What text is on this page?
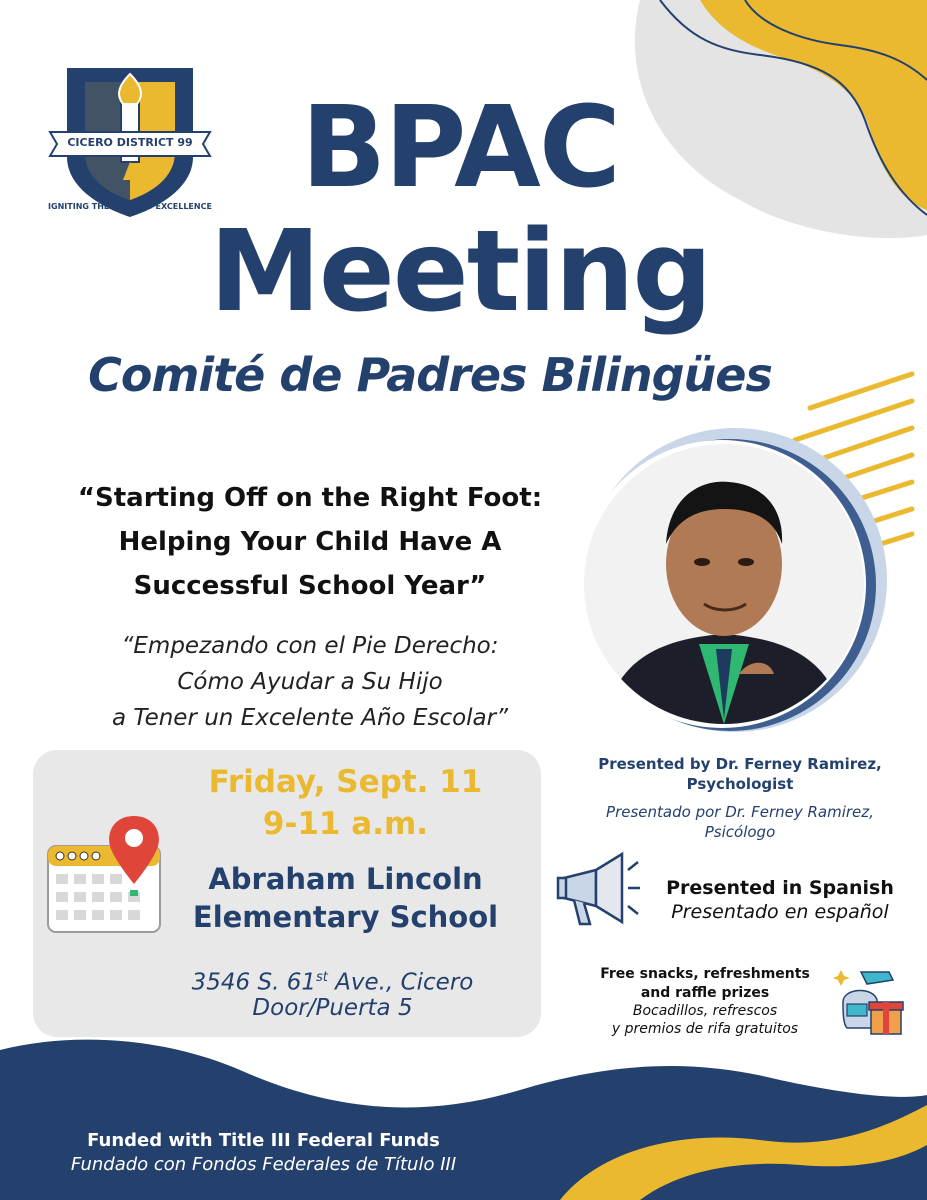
CICERO DISTRICT 99
IGNITING THE ROAD TO EXCELLENCE BPAC
Meeting
Comité de Padres Bilingües
“Starting Off on the Right Foot:
Helping Your Child Have A
Successful School Year”
“Empezando con el Pie Derecho:
Cómo Ayudar a Su Hijo
a Tener un Excelente Año Escolar”
Friday, Sept. 11
9-11 a.m.
Abraham Lincoln
Elementary School
3546 S. 61st Ave., Cicero
Door/Puerta 5
Presented by Dr. Ferney Ramirez,
Psychologist
Presentado por Dr. Ferney Ramirez,
Psicólogo
Presented in Spanish
Presentado en español
Free snacks, refreshments
and raffle prizes
Bocadillos, refrescos
y premios de rifa gratuitos
Funded with Title III Federal Funds
Fundado con Fondos Federales de Título III
